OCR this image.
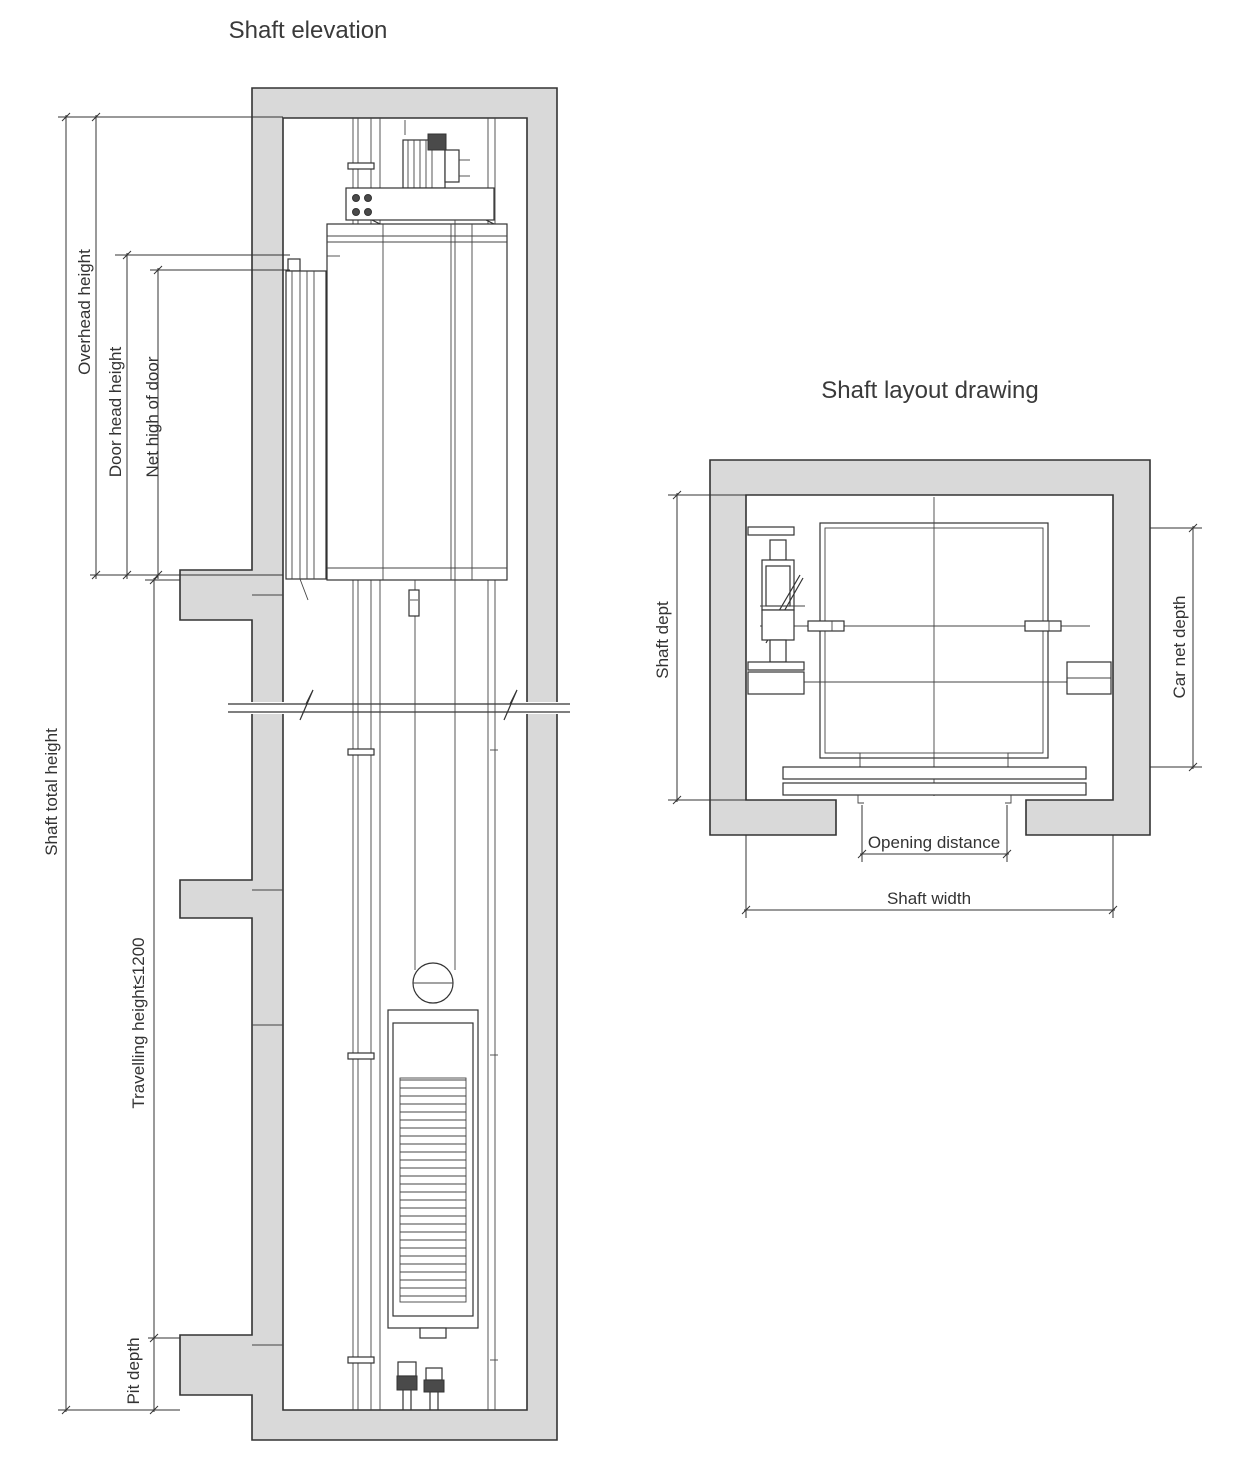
Shaft elevation
Overhead height
Door head height Net high of door
Shaft total height
Travelling height≤1200
Pit depth
Shaft layout drawing
Shaft dept	Car net depth
Opening distance
Shaft width
